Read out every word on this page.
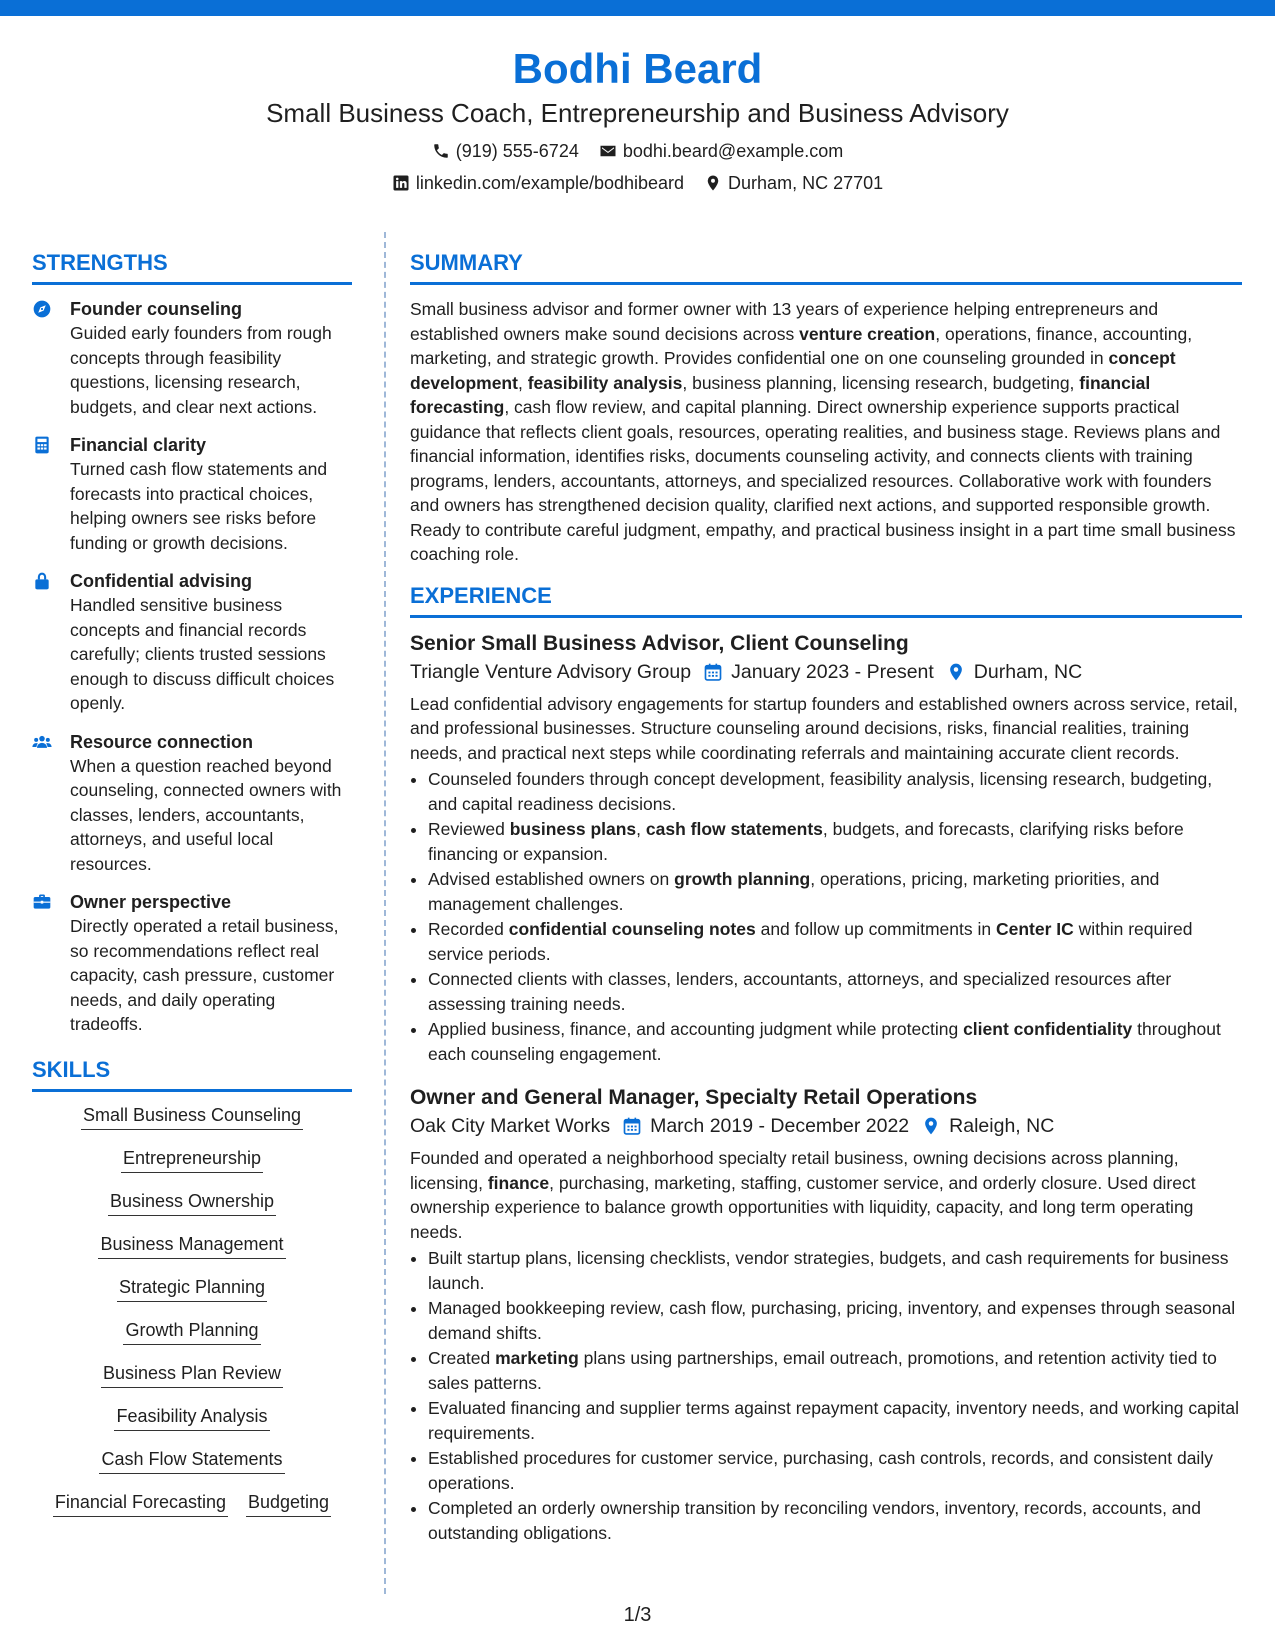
Bodhi Beard
Small Business Coach, Entrepreneurship and Business Advisory
(919) 555-6724 bodhi.beard@example.com
linkedin.com/example/bodhibeard Durham, NC 27701
STRENGTHS
Founder counseling
Guided early founders from rough concepts through feasibility questions, licensing research, budgets, and clear next actions.
Financial clarity
Turned cash flow statements and forecasts into practical choices, helping owners see risks before funding or growth decisions.
Confidential advising
Handled sensitive business concepts and financial records carefully; clients trusted sessions enough to discuss difficult choices openly.
Resource connection
When a question reached beyond counseling, connected owners with classes, lenders, accountants, attorneys, and useful local resources.
Owner perspective
Directly operated a retail business, so recommendations reflect real capacity, cash pressure, customer needs, and daily operating tradeoffs.
SKILLS
Small Business Counseling
Entrepreneurship
Business Ownership
Business Management
Strategic Planning
Growth Planning
Business Plan Review
Feasibility Analysis
Cash Flow Statements
Financial Forecasting Budgeting
SUMMARY

Small business advisor and former owner with 13 years of experience helping entrepreneurs and established owners make sound decisions across venture creation, operations, finance, accounting, marketing, and strategic growth. Provides confidential one on one counseling grounded in concept development, feasibility analysis, business planning, licensing research, budgeting, financial forecasting, cash flow review, and capital planning. Direct ownership experience supports practical guidance that reflects client goals, resources, operating realities, and business stage. Reviews plans and financial information, identifies risks, documents counseling activity, and connects clients with training programs, lenders, accountants, attorneys, and specialized resources. Collaborative work with founders and owners has strengthened decision quality, clarified next actions, and supported responsible growth. Ready to contribute careful judgment, empathy, and practical business insight in a part time small business coaching role.

EXPERIENCE
Senior Small Business Advisor, Client Counseling
Triangle Venture Advisory Group January 2023 - Present Durham, NC

Lead confidential advisory engagements for startup founders and established owners across service, retail, and professional businesses. Structure counseling around decisions, risks, financial realities, training needs, and practical next steps while coordinating referrals and maintaining accurate client records.

• Counseled founders through concept development, feasibility analysis, licensing research, budgeting, and capital readiness decisions.
• Reviewed business plans, cash flow statements, budgets, and forecasts, clarifying risks before financing or expansion.
• Advised established owners on growth planning, operations, pricing, marketing priorities, and management challenges.
• Recorded confidential counseling notes and follow up commitments in Center IC within required service periods.
• Connected clients with classes, lenders, accountants, attorneys, and specialized resources after assessing training needs.
• Applied business, finance, and accounting judgment while protecting client confidentiality throughout each counseling engagement.
Owner and General Manager, Specialty Retail Operations
Oak City Market Works March 2019 - December 2022 Raleigh, NC

Founded and operated a neighborhood specialty retail business, owning decisions across planning, licensing, finance, purchasing, marketing, staffing, customer service, and orderly closure. Used direct ownership experience to balance growth opportunities with liquidity, capacity, and long term operating needs.

• Built startup plans, licensing checklists, vendor strategies, budgets, and cash requirements for business launch.
• Managed bookkeeping review, cash flow, purchasing, pricing, inventory, and expenses through seasonal demand shifts.
• Created marketing plans using partnerships, email outreach, promotions, and retention activity tied to sales patterns.
• Evaluated financing and supplier terms against repayment capacity, inventory needs, and working capital requirements.
• Established procedures for customer service, purchasing, cash controls, records, and consistent daily operations.
• Completed an orderly ownership transition by reconciling vendors, inventory, records, accounts, and outstanding obligations.
1/3
